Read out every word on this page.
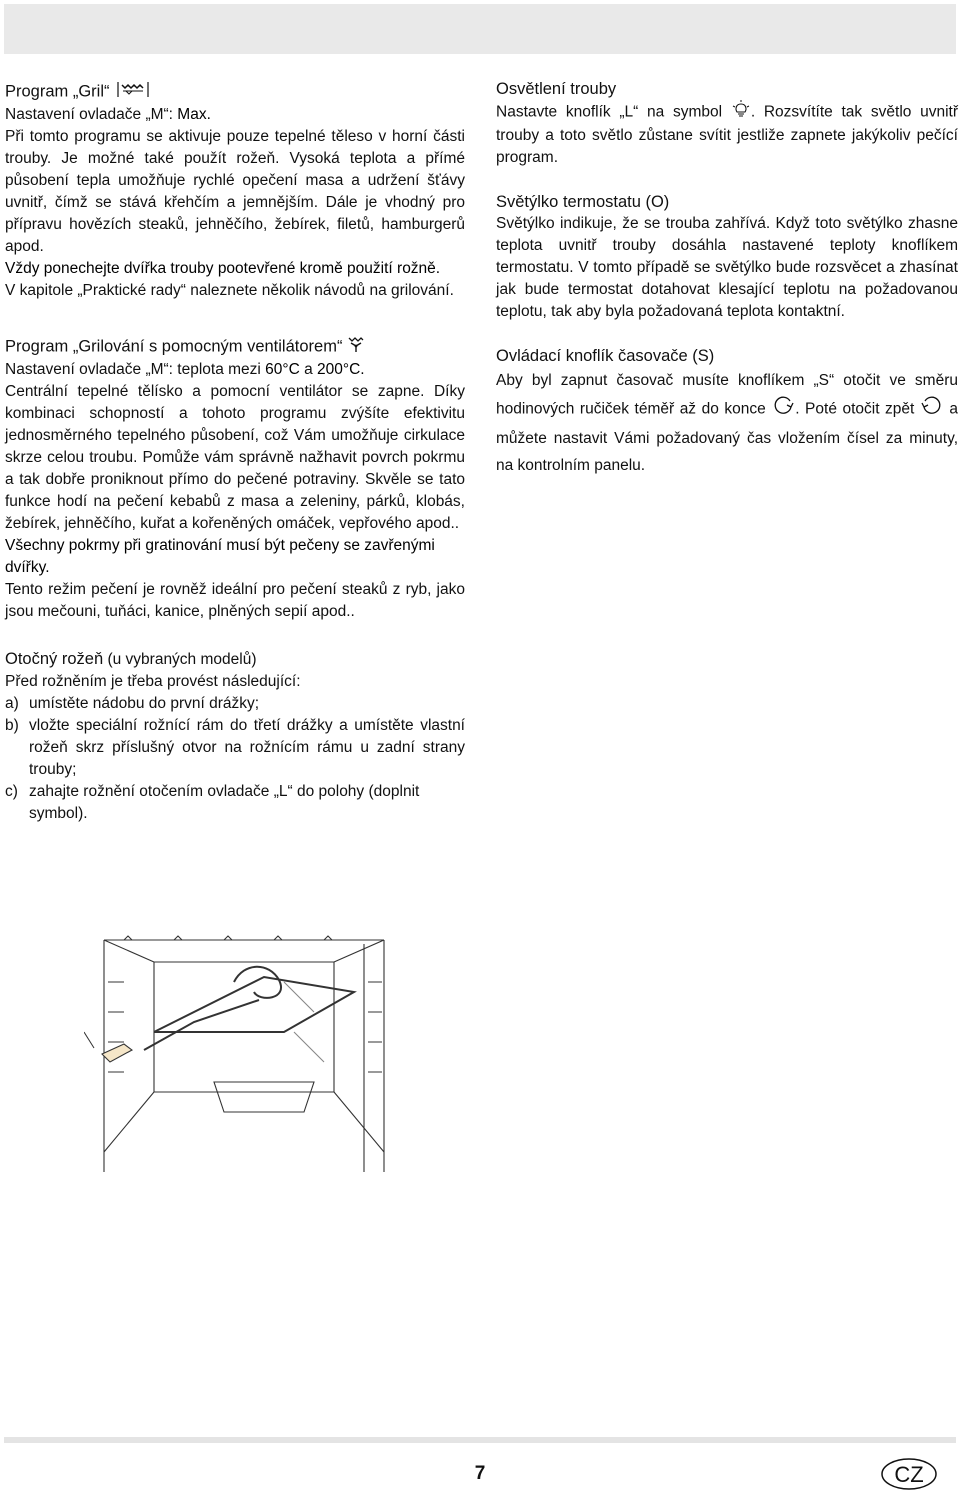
Program „Gril“

Nastavení ovladače „M“: Max.

Při tomto programu se aktivuje pouze tepelné těleso v horní části trouby. Je možné také použít rožeň. Vysoká teplota a přímé působení tepla umožňuje rychlé opečení masa a udržení šťávy uvnitř, čímž se stává křehčím a jemnějším. Dále je vhodný pro přípravu hovězích steaků, jehněčího, žebírek, filetů, hamburgerů apod.

Vždy ponechejte dvířka trouby pootevřené kromě použití rožně.

V kapitole „Praktické rady“ naleznete několik návodů na grilování.

Program „Grilování s pomocným ventilátorem“

Nastavení ovladače „M“: teplota mezi 60°C a 200°C.

Centrální tepelné tělísko a pomocní ventilátor se zapne. Díky kombinaci schopností a tohoto programu zvýšíte efektivitu jednosměrného tepelného působení, což Vám umožňuje cirkulace skrze celou troubu. Pomůže vám správně nažhavit povrch pokrmu a tak dobře proniknout přímo do pečené potraviny. Skvěle se tato funkce hodí na pečení kebabů z masa a zeleniny, párků, klobás, žebírek, jehněčího, kuřat a kořeněných omáček, vepřového apod..

Všechny pokrmy při gratinování musí být pečeny se zavřenými dvířky.

Tento režim pečení je rovněž ideální pro pečení steaků z ryb, jako jsou mečouni, tuňáci, kanice, plněných sepií apod..

Otočný rožeň (u vybraných modelů)

Před rožněním je třeba provést následující:

a) umístěte nádobu do první drážky;
b) vložte speciální rožnící rám do třetí drážky a umístěte vlastní rožeň skrz příslušný otvor na rožnícím rámu u zadní strany trouby;
c) zahajte rožnění otočením ovladače „L“ do polohy (doplnit symbol).

Osvětlení trouby

Nastavte knoflík „L“ na symbol . Rozsvítíte tak světlo uvnitř trouby a toto světlo zůstane svítit jestliže zapnete jakýkoliv pečící program.

Světýlko termostatu (O)

Světýlko indikuje, že se trouba zahřívá. Když toto světýlko zhasne teplota uvnitř trouby dosáhla nastavené teploty knoflíkem termostatu. V tomto případě se světýlko bude rozsvěcet a zhasínat jak bude termostat dotahovat klesající teplotu na požadovanou teplotu, tak aby byla požadovaná teplota kontaktní.

Ovládací knoflík časovače (S)

Aby byl zapnut časovač musíte knoflíkem „S“ otočit ve směru hodinových ručiček téměř až do konce . Poté otočit zpět  a můžete nastavit Vámi požadovaný čas vložením čísel za minuty, na kontrolním panelu.

7	CZ
